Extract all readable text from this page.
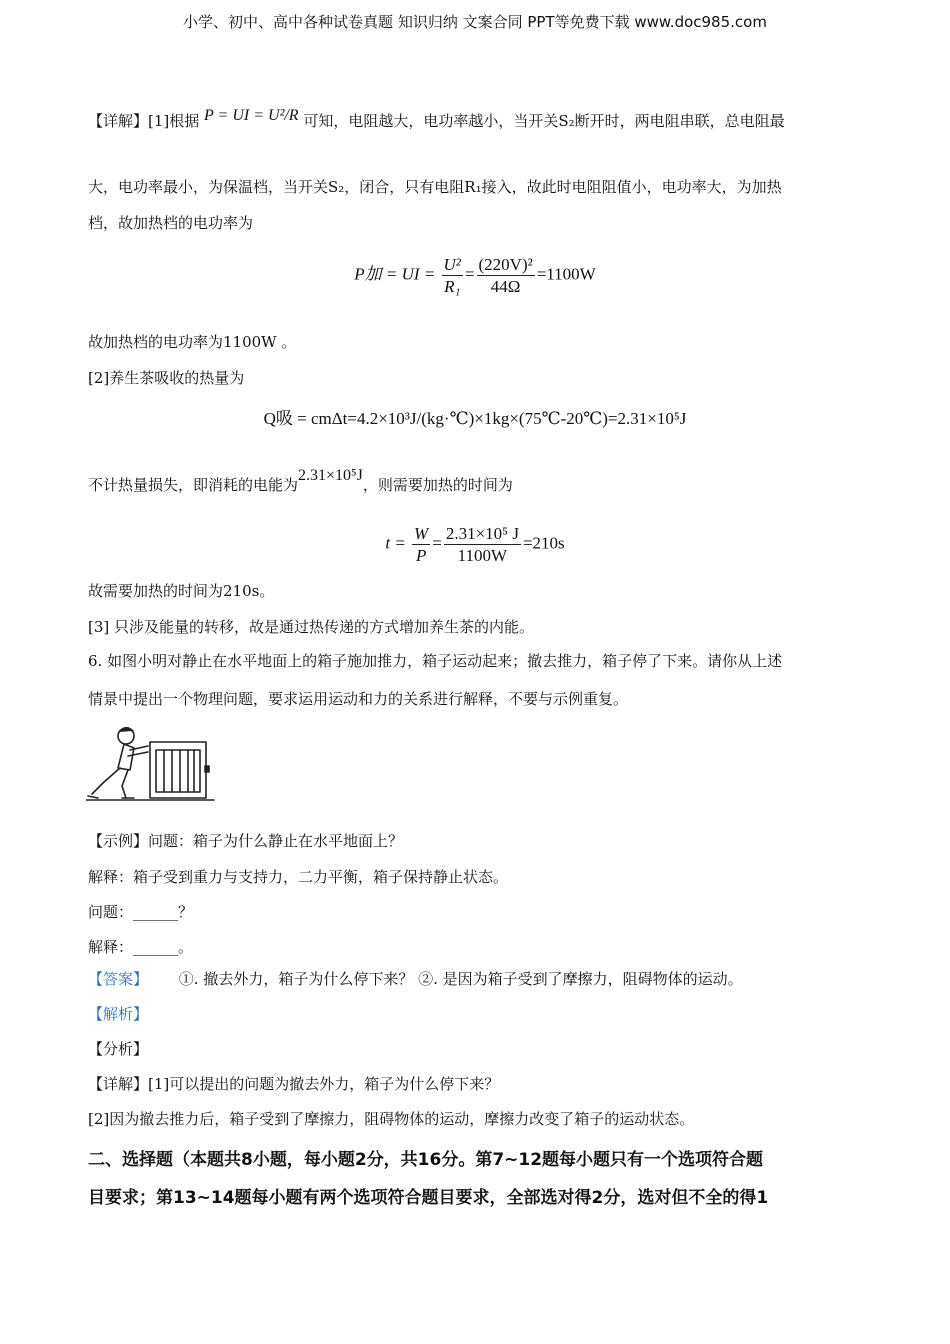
小学、初中、高中各种试卷真题 知识归纳 文案合同 PPT等免费下载 www.doc985.com
【详解】[1]根据 P = UI = U²/R 可知，电阻越大，电功率越小，当开关S₂断开时，两电阻串联，总电阻最
大，电功率最小，为保温档，当开关S₂，闭合，只有电阻R₁接入，故此时电阻阻值小，电功率大，为加热
档，故加热档的电功率为
P加 = UI = $\frac{\text{U²}}{\text{R₁}} = \frac{\text{(220V)²}}{44\Omega} =1100W$
故加热档的电功率为1100W 。
[2]养生茶吸收的热量为
Q吸 = cmΔt=4.2×10³J/(kg·℃)×1kg×(75℃-20℃)=2.31×10⁵J
不计热量损失，即消耗的电能为2.31×10⁵J，则需要加热的时间为
$t = \frac{W}{P} = \frac{\text{2.31×10⁵ J}}{1100W} =210s$
故需要加热的时间为210s。
[3] 只涉及能量的转移，故是通过热传递的方式增加养生茶的内能。
6. 如图小明对静止在水平地面上的箱子施加推力，箱子运动起来；撤去推力，箱子停了下来。请你从上述
情景中提出一个物理问题，要求运用运动和力的关系进行解释，不要与示例重复。
【示例】问题：箱子为什么静止在水平地面上？
解释：箱子受到重力与支持力，二力平衡，箱子保持静止状态。
问题：______？
解释：______。
【答案】 ①. 撤去外力，箱子为什么停下来？ ②. 是因为箱子受到了摩擦力，阻碍物体的运动。
【解析】
【分析】
【详解】[1]可以提出的问题为撤去外力，箱子为什么停下来？
[2]因为撤去推力后，箱子受到了摩擦力，阻碍物体的运动，摩擦力改变了箱子的运动状态。
二、选择题（本题共8小题，每小题2分，共16分。第7~12题每小题只有一个选项符合题
目要求；第13~14题每小题有两个选项符合题目要求，全部选对得2分，选对但不全的得1
